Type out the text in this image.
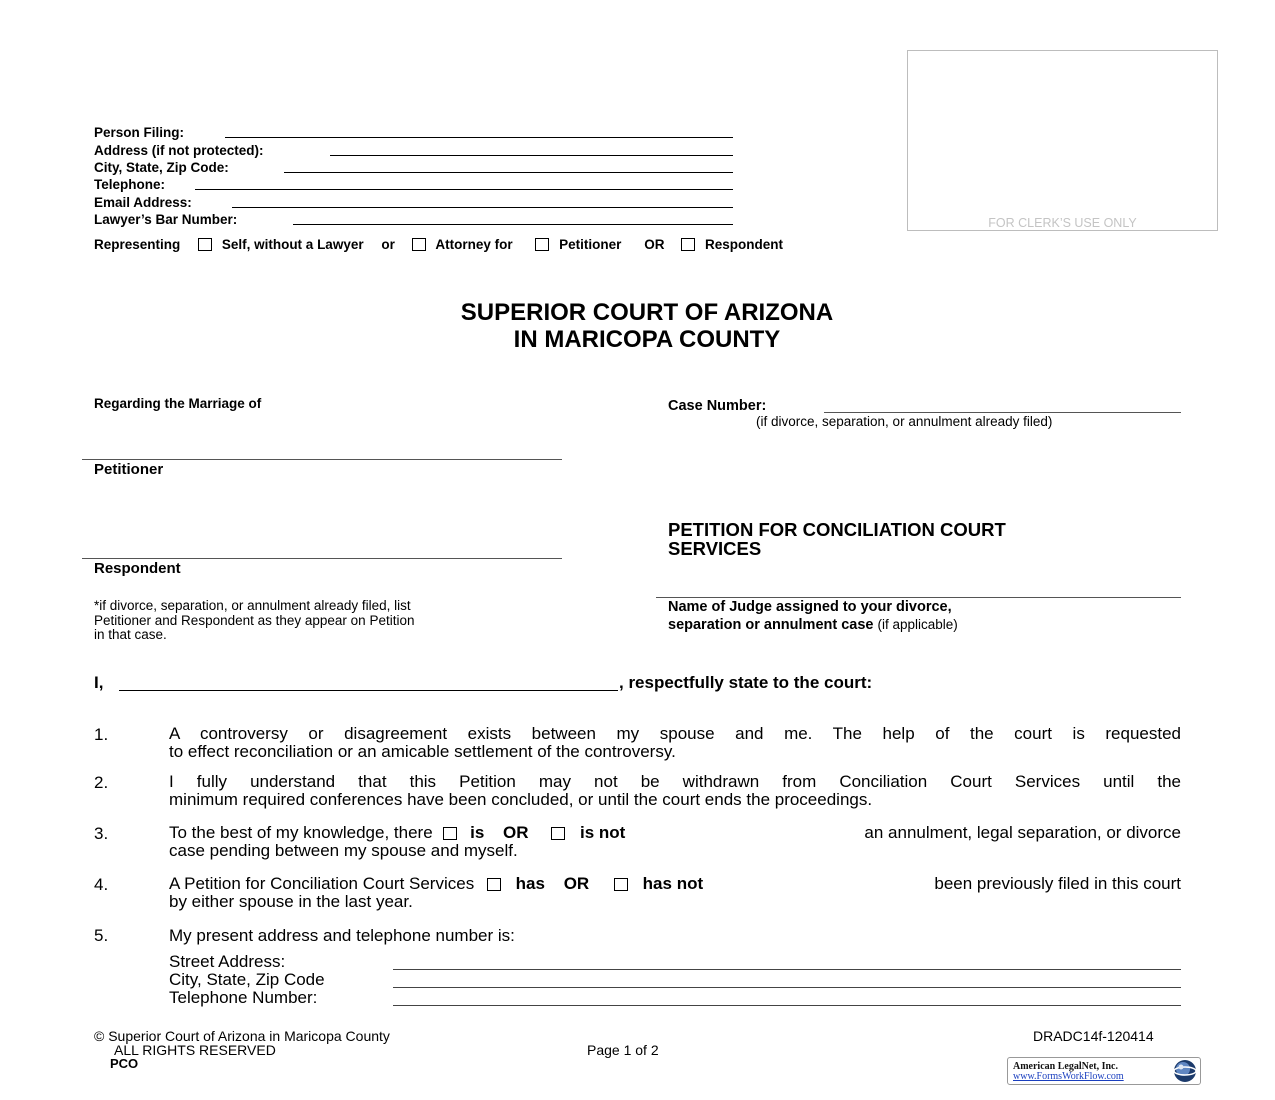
FOR CLERK’S USE ONLY
Person Filing:
Address (if not protected):
City, State, Zip Code:
Telephone:
Email Address:
Lawyer’s Bar Number:
Representing	Self, without a Lawyer or	Attorney for	Petitioner OR	Respondent
SUPERIOR COURT OF ARIZONA
IN MARICOPA COUNTY
Regarding the Marriage of
Petitioner
Respondent
*if divorce, separation, or annulment already filed, list
Petitioner and Respondent as they appear on Petition
in that case.
Case Number:
(if divorce, separation, or annulment already filed)
PETITION FOR CONCILIATION COURT
SERVICES
Name of Judge assigned to your divorce,
separation or annulment case (if applicable)
I,	, respectfully state to the court:
1.	A controversy or disagreement exists between my spouse and me. The help of the court is requested
to effect reconciliation or an amicable settlement of the controversy.
2.	I fully understand that this Petition may not be withdrawn from Conciliation Court Services until the
minimum required conferences have been concluded, or until the court ends the proceedings.
3.	To the best of my knowledge, there is OR	is not	an annulment, legal separation, or divorce
case pending between my spouse and myself.
4.	A Petition for Conciliation Court Services has OR	has not	been previously filed in this court
by either spouse in the last year.
5.	My present address and telephone number is:
Street Address:
City, State, Zip Code
Telephone Number:
© Superior Court of Arizona in Maricopa County
ALL RIGHTS RESERVED
PCO
Page 1 of 2
DRADC14f-120414
American LegalNet, Inc.
www.FormsWorkFlow.com
